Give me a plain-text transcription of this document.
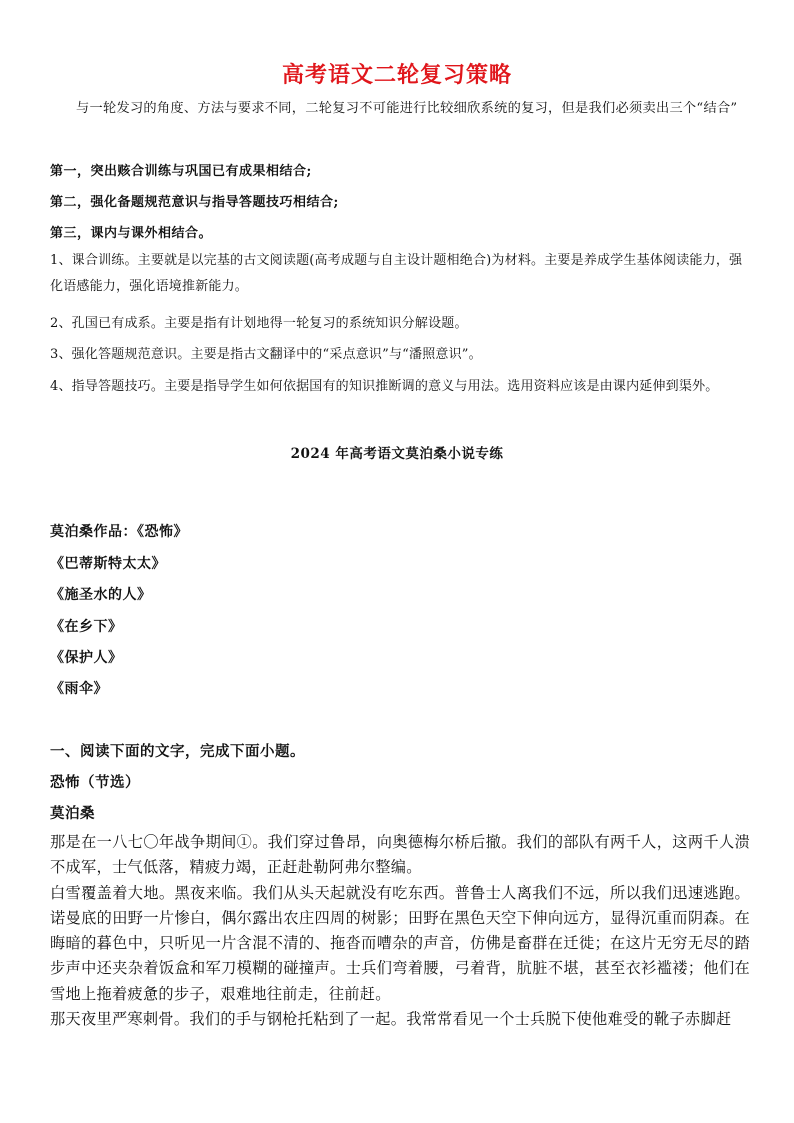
高考语文二轮复习策略
与一轮发习的角度、方法与要求不同，二轮复习不可能进行比较细欣系统的复习，但是我们必须卖出三个“结合”
第一，突出赅合训练与巩国已有成果相结合;
第二，强化备题规范意识与指导答题技巧相结合;
第三，课内与课外相结合。
1、课合训练。主要就是以完基的古文阅读题(高考成题与自主设计题相绝合)为材料。主要是养成学生基体阅读能力，强化语感能力，强化语境推新能力。
2、孔国已有成系。主要是指有计划地得一轮复习的系统知识分解设题。
3、强化答题规范意识。主要是指古文翻译中的“采点意识”与“潘照意识”。
4、指导答题技巧。主要是指导学生如何依据国有的知识推断调的意义与用法。选用资料应该是由课内延伸到渠外。
2024 年高考语文莫泊桑小说专练
莫泊桑作品：《恐怖》
《巴蒂斯特太太》
《施圣水的人》
《在乡下》
《保护人》
《雨伞》
一、阅读下面的文字，完成下面小题。
恐怖（节选）
莫泊桑

那是在一八七〇年战争期间①。我们穿过鲁昂，向奥德梅尔桥后撤。我们的部队有两千人，这两千人溃不成军，士气低落，精疲力竭，正赶赴勒阿弗尔整编。

白雪覆盖着大地。黑夜来临。我们从头天起就没有吃东西。普鲁士人离我们不远，所以我们迅速逃跑。诺曼底的田野一片惨白，偶尔露出农庄四周的树影；田野在黑色天空下伸向远方，显得沉重而阴森。在晦暗的暮色中，只听见一片含混不清的、拖沓而嘈杂的声音，仿佛是畜群在迁徙；在这片无穷无尽的踏步声中还夹杂着饭盒和军刀模糊的碰撞声。士兵们弯着腰，弓着背，肮脏不堪，甚至衣衫褴褛；他们在雪地上拖着疲惫的步子，艰难地往前走，往前赶。

那天夜里严寒刺骨。我们的手与钢枪托粘到了一起。我常常看见一个士兵脱下使他难受的靴子赤脚赶
